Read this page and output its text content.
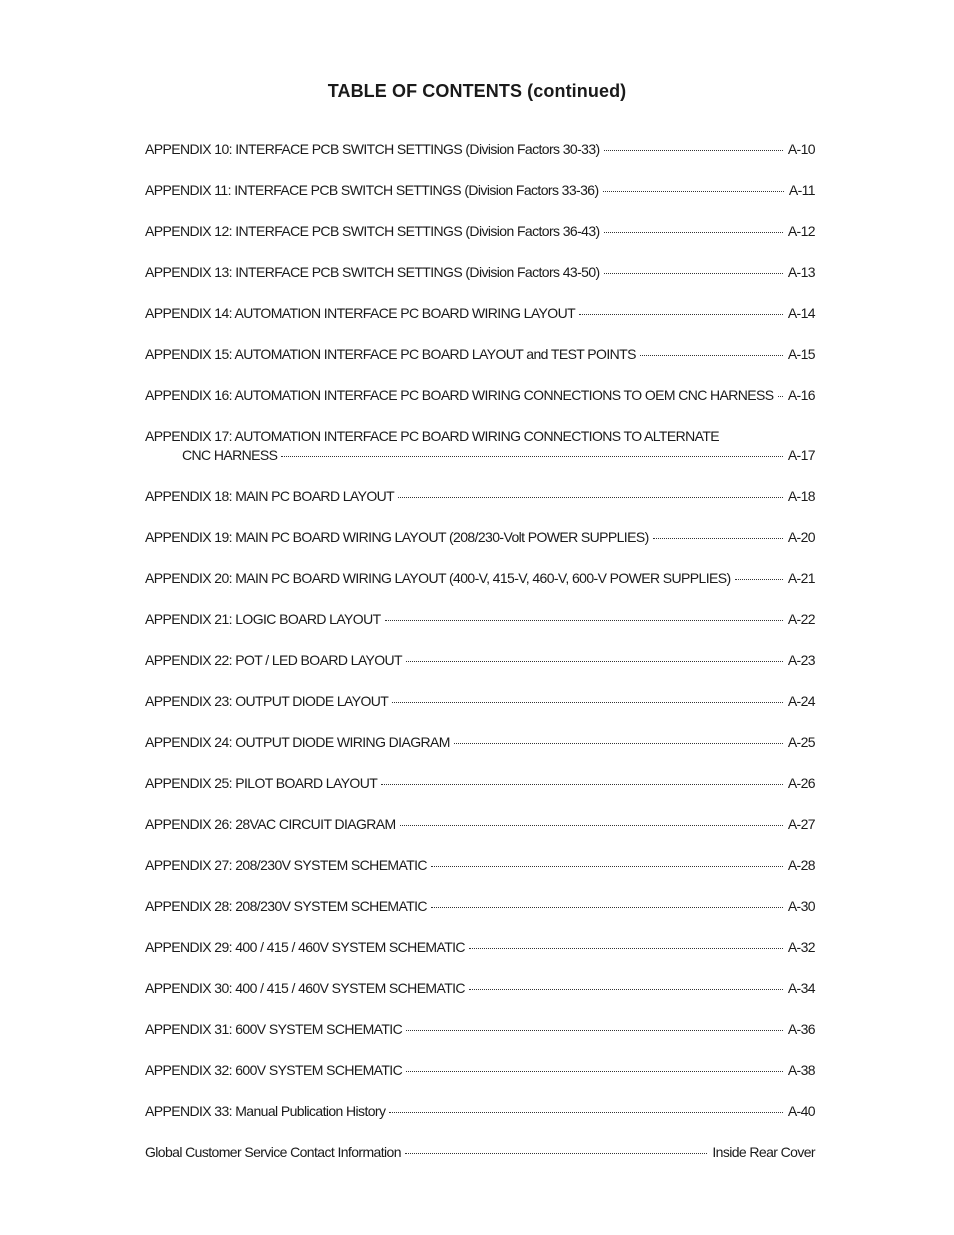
TABLE OF CONTENTS (continued)
APPENDIX 10: INTERFACE PCB SWITCH SETTINGS (Division Factors 30-33)	A-10
APPENDIX 11: INTERFACE PCB SWITCH SETTINGS (Division Factors 33-36)	A-11
APPENDIX 12: INTERFACE PCB SWITCH SETTINGS (Division Factors 36-43)	A-12
APPENDIX 13: INTERFACE PCB SWITCH SETTINGS (Division Factors 43-50)	A-13
APPENDIX 14: AUTOMATION INTERFACE PC BOARD WIRING LAYOUT	A-14
APPENDIX 15: AUTOMATION INTERFACE PC BOARD LAYOUT and TEST POINTS	A-15
APPENDIX 16: AUTOMATION INTERFACE PC BOARD WIRING CONNECTIONS TO OEM CNC HARNESS A-16
APPENDIX 17: AUTOMATION INTERFACE PC BOARD WIRING CONNECTIONS TO ALTERNATE
CNC HARNESS	A-17
APPENDIX 18: MAIN PC BOARD LAYOUT	A-18
APPENDIX 19: MAIN PC BOARD WIRING LAYOUT (208/230-Volt POWER SUPPLIES)	A-20
APPENDIX 20: MAIN PC BOARD WIRING LAYOUT (400-V, 415-V, 460-V, 600-V POWER SUPPLIES)	A-21
APPENDIX 21: LOGIC BOARD LAYOUT	A-22
APPENDIX 22: POT / LED BOARD LAYOUT	A-23
APPENDIX 23: OUTPUT DIODE LAYOUT	A-24
APPENDIX 24: OUTPUT DIODE WIRING DIAGRAM	A-25
APPENDIX 25: PILOT BOARD LAYOUT	A-26
APPENDIX 26: 28VAC CIRCUIT DIAGRAM	A-27
APPENDIX 27: 208/230V SYSTEM SCHEMATIC	A-28
APPENDIX 28: 208/230V SYSTEM SCHEMATIC	A-30
APPENDIX 29: 400 / 415 / 460V SYSTEM SCHEMATIC	A-32
APPENDIX 30: 400 / 415 / 460V SYSTEM SCHEMATIC	A-34
APPENDIX 31: 600V SYSTEM SCHEMATIC	A-36
APPENDIX 32: 600V SYSTEM SCHEMATIC	A-38
APPENDIX 33: Manual Publication History	A-40
Global Customer Service Contact Information	Inside Rear Cover
